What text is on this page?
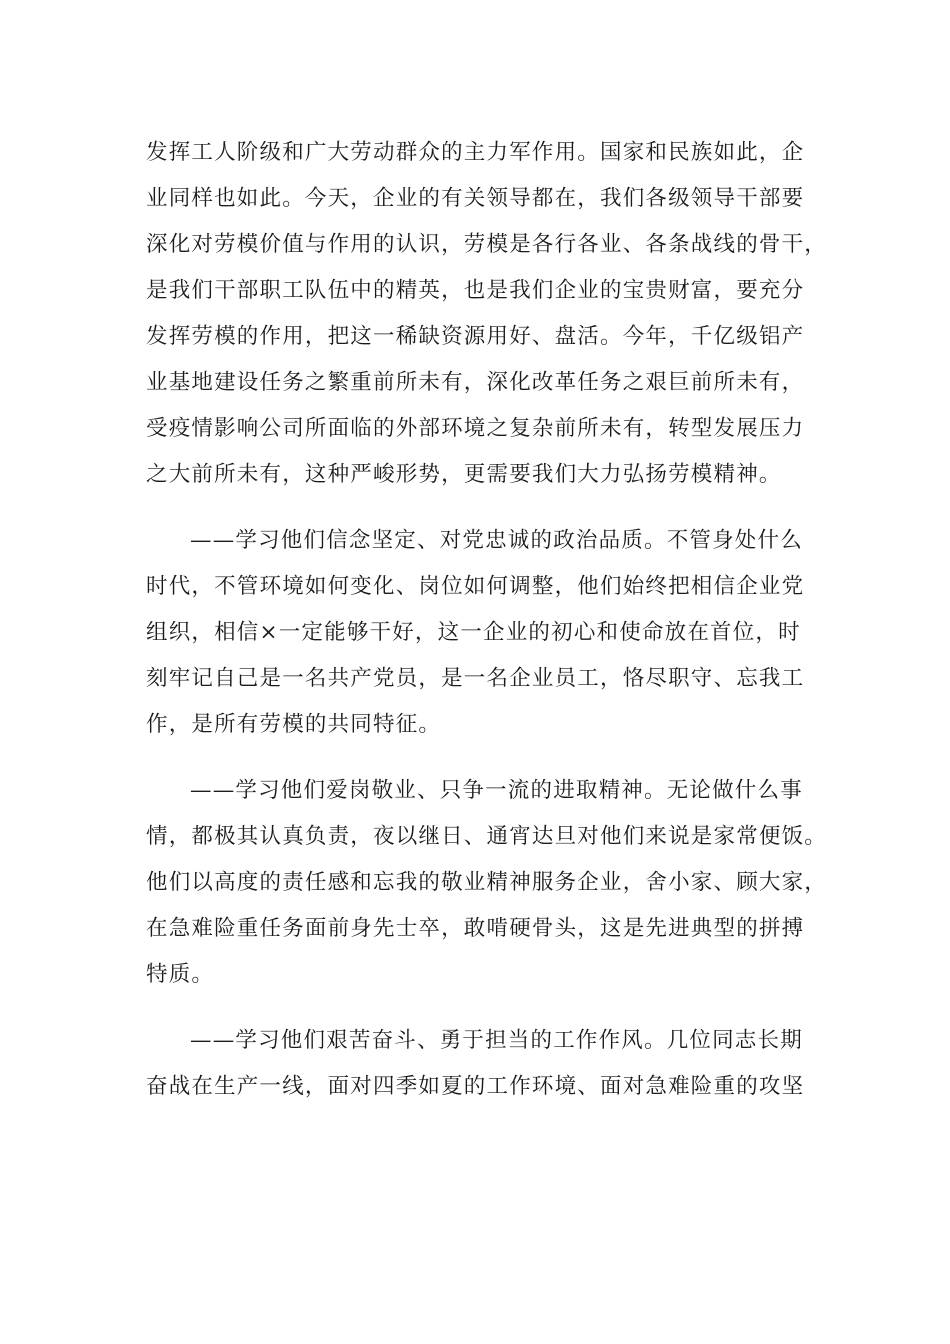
发挥工人阶级和广大劳动群众的主力军作用。国家和民族如此，企
业同样也如此。今天，企业的有关领导都在，我们各级领导干部要
深化对劳模价值与作用的认识，劳模是各行各业、各条战线的骨干，
是我们干部职工队伍中的精英，也是我们企业的宝贵财富，要充分
发挥劳模的作用，把这一稀缺资源用好、盘活。今年，千亿级铝产
业基地建设任务之繁重前所未有，深化改革任务之艰巨前所未有，
受疫情影响公司所面临的外部环境之复杂前所未有，转型发展压力
之大前所未有，这种严峻形势，更需要我们大力弘扬劳模精神。
——学习他们信念坚定、对党忠诚的政治品质。不管身处什么
时代，不管环境如何变化、岗位如何调整，他们始终把相信企业党
组织，相信×一定能够干好，这一企业的初心和使命放在首位，时
刻牢记自己是一名共产党员，是一名企业员工，恪尽职守、忘我工
作，是所有劳模的共同特征。
——学习他们爱岗敬业、只争一流的进取精神。无论做什么事
情，都极其认真负责，夜以继日、通宵达旦对他们来说是家常便饭。
他们以高度的责任感和忘我的敬业精神服务企业，舍小家、顾大家，
在急难险重任务面前身先士卒，敢啃硬骨头，这是先进典型的拼搏
特质。
——学习他们艰苦奋斗、勇于担当的工作作风。几位同志长期
奋战在生产一线，面对四季如夏的工作环境、面对急难险重的攻坚
